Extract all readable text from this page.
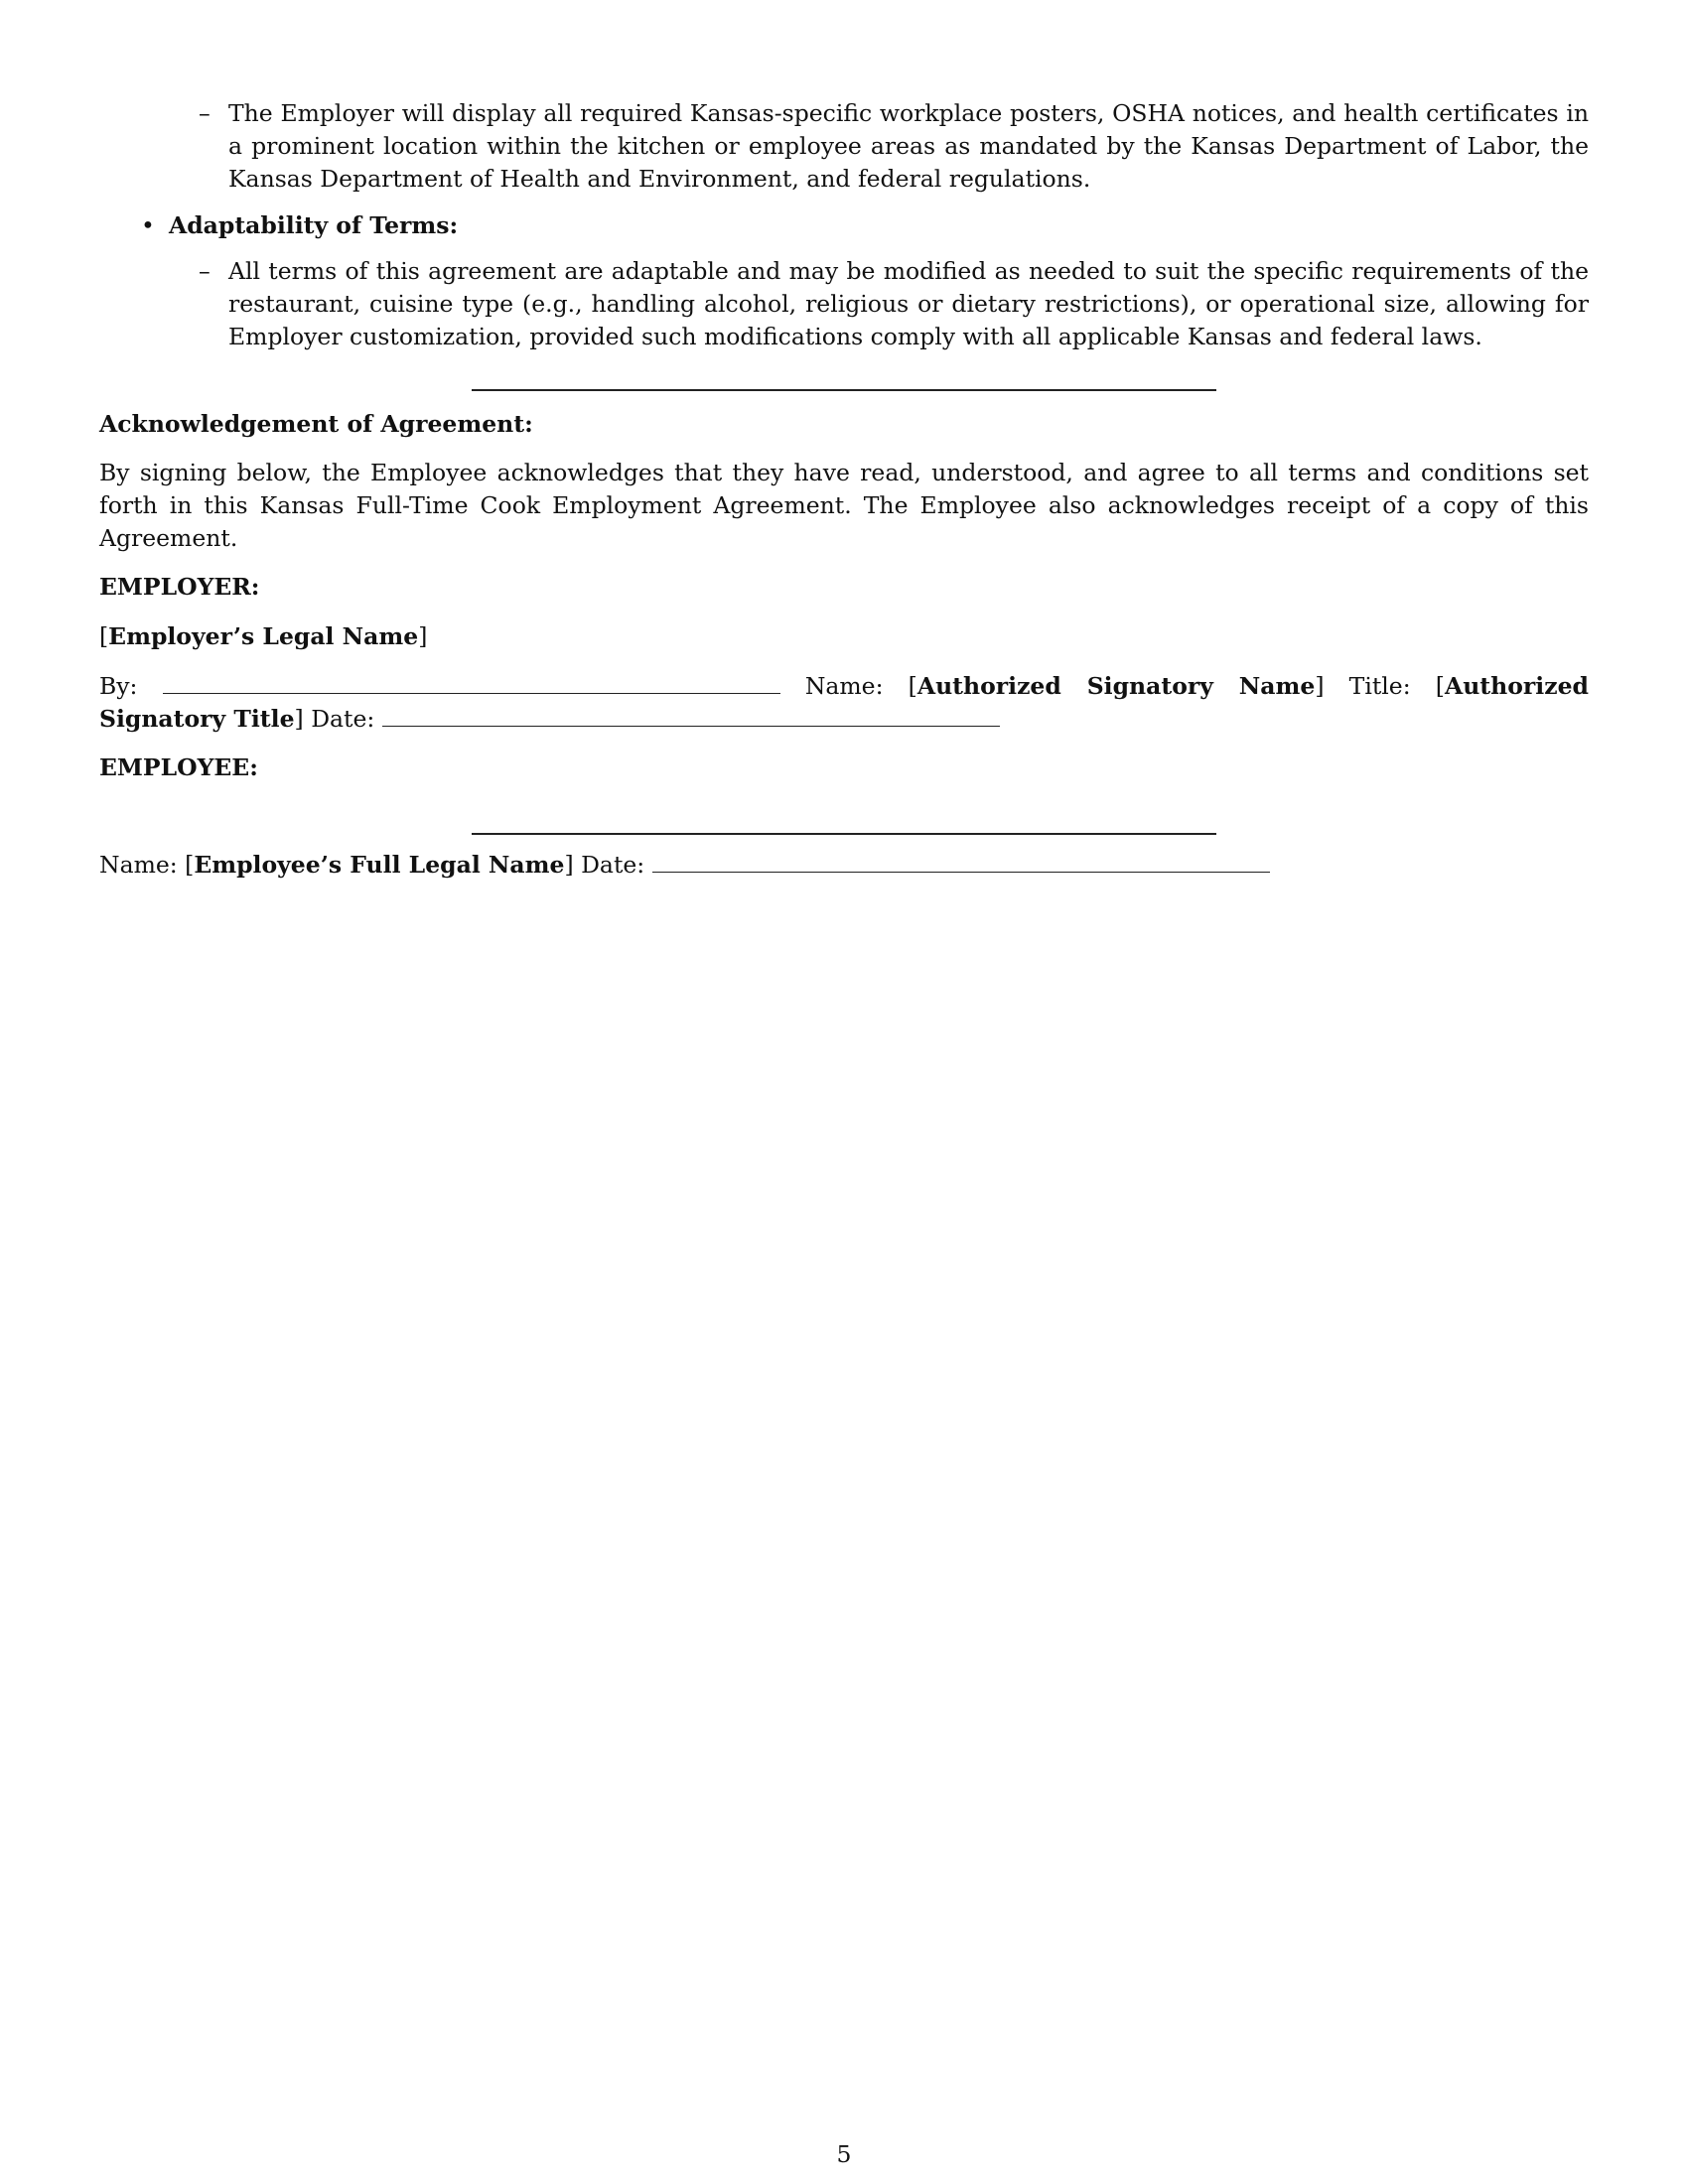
– The Employer will display all required Kansas-specific workplace posters, OSHA notices, and health certificates in a prominent location within the kitchen or employee areas as mandated by the Kansas Department of Labor, the Kansas Department of Health and Environment, and federal regulations.
• Adaptability of Terms:
– All terms of this agreement are adaptable and may be modified as needed to suit the specific requirements of the restaurant, cuisine type (e.g., handling alcohol, religious or dietary restrictions), or operational size, allowing for Employer customization, provided such modifications comply with all applicable Kansas and federal laws.
Acknowledgement of Agreement:
By signing below, the Employee acknowledges that they have read, understood, and agree to all terms and conditions set forth in this Kansas Full-Time Cook Employment Agreement. The Employee also acknowledges receipt of a copy of this Agreement.
EMPLOYER:
[Employer’s Legal Name]
By:	Name: [Authorized Signatory Name] Title: [Authorized Signatory Title] Date:
EMPLOYEE:
Name: [Employee’s Full Legal Name] Date:
5
